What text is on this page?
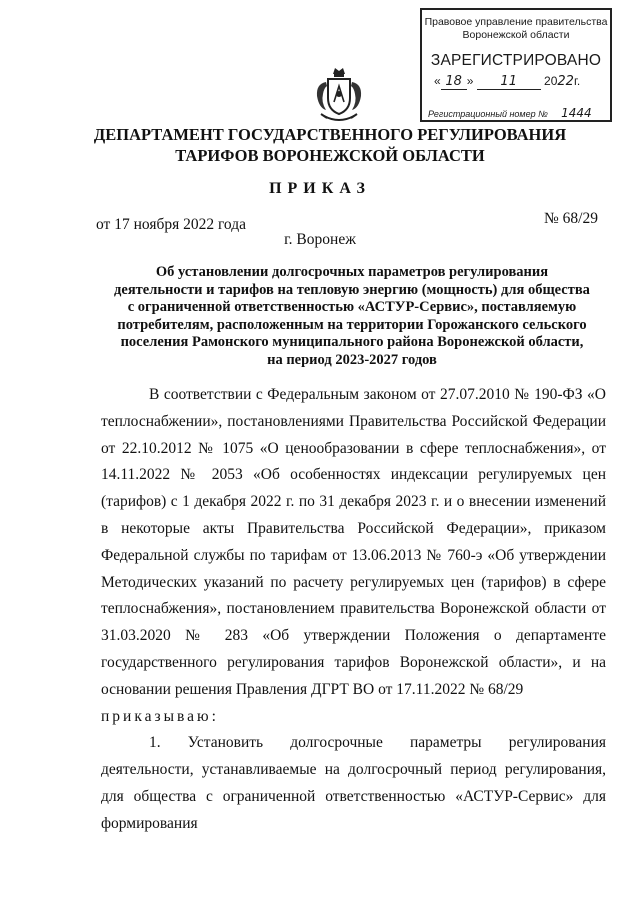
Правовое управление правительства
Воронежской области
ЗАРЕГИСТРИРОВАНО
« 18 » 11 2022г.
Регистрационный номер № 1444
ДЕПАРТАМЕНТ ГОСУДАРСТВЕННОГО РЕГУЛИРОВАНИЯ
ТАРИФОВ ВОРОНЕЖСКОЙ ОБЛАСТИ
ПРИКАЗ
от 17 ноября 2022 года	№ 68/29
г. Воронеж
Об установлении долгосрочных параметров регулирования
деятельности и тарифов на тепловую энергию (мощность) для общества
с ограниченной ответственностью «АСТУР-Сервис», поставляемую
потребителям, расположенным на территории Горожанского сельского
поселения Рамонского муниципального района Воронежской области,
на период 2023-2027 годов

В соответствии с Федеральным законом от 27.07.2010 № 190-ФЗ «О теплоснабжении», постановлениями Правительства Российской Федерации от 22.10.2012 № 1075 «О ценообразовании в сфере теплоснабжения», от 14.11.2022 № 2053 «Об особенностях индексации регулируемых цен (тарифов) с 1 декабря 2022 г. по 31 декабря 2023 г. и о внесении изменений в некоторые акты Правительства Российской Федерации», приказом Федеральной службы по тарифам от 13.06.2013 № 760-э «Об утверждении Методических указаний по расчету регулируемых цен (тарифов) в сфере теплоснабжения», постановлением правительства Воронежской области от 31.03.2020 № 283 «Об утверждении Положения о департаменте государственного регулирования тарифов Воронежской области», и на основании решения Правления ДГРТ ВО от 17.11.2022 № 68/29

приказываю:

1. Установить долгосрочные параметры регулирования деятельности, устанавливаемые на долгосрочный период регулирования, для общества с ограниченной ответственностью «АСТУР-Сервис» для формирования
